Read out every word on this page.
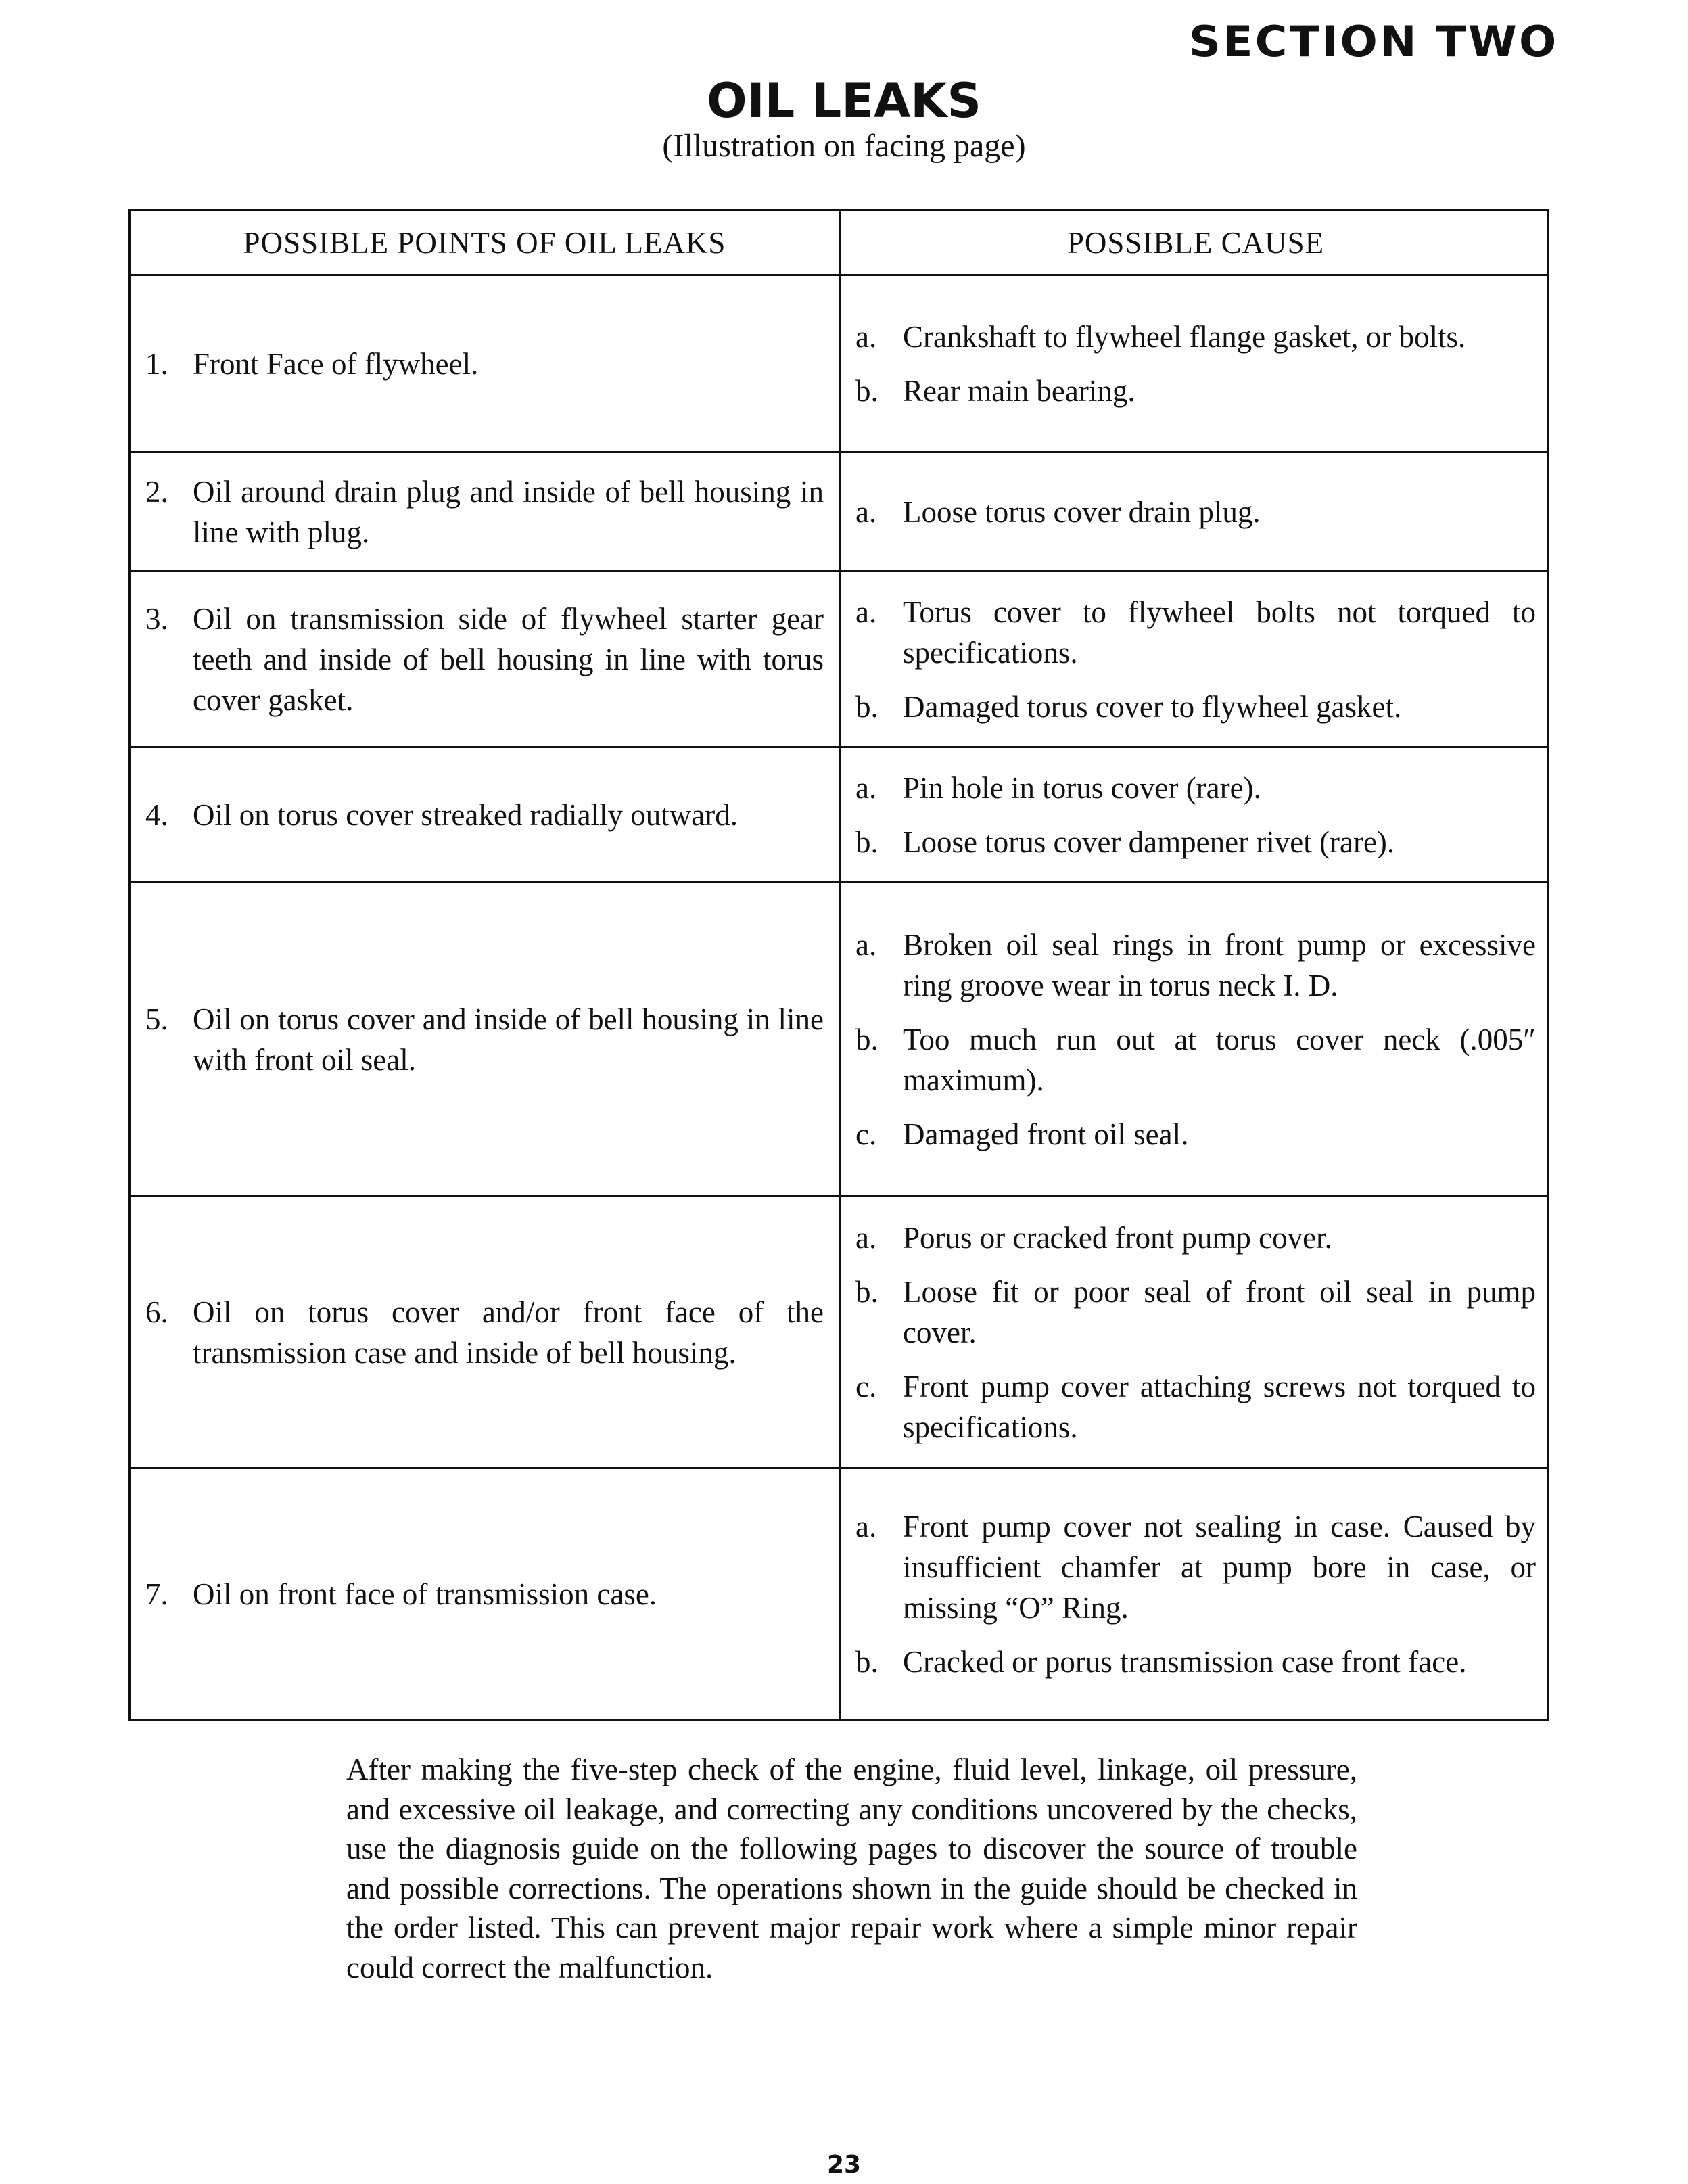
SECTION TWO
OIL LEAKS
(Illustration on facing page)
POSSIBLE POINTS OF OIL LEAKS	POSSIBLE CAUSE
1. Front Face of flywheel.
a. Crankshaft to flywheel flange gasket, or bolts.
b. Rear main bearing.
2. Oil around drain plug and inside of bell housing in line with plug.
a. Loose torus cover drain plug.
3. Oil on transmission side of flywheel starter gear teeth and inside of bell housing in line with torus cover gasket.
a. Torus cover to flywheel bolts not torqued to specifications.
b. Damaged torus cover to flywheel gasket.
4. Oil on torus cover streaked radially outward.
a. Pin hole in torus cover (rare).
b. Loose torus cover dampener rivet (rare).
5. Oil on torus cover and inside of bell housing in line with front oil seal.
a. Broken oil seal rings in front pump or excessive ring groove wear in torus neck I. D.
b. Too much run out at torus cover neck (.005″ maximum).
c. Damaged front oil seal.
6. Oil on torus cover and/or front face of the transmission case and inside of bell housing.
a. Porus or cracked front pump cover.
b. Loose fit or poor seal of front oil seal in pump cover.
c. Front pump cover attaching screws not torqued to specifications.
7. Oil on front face of transmission case.
a. Front pump cover not sealing in case. Caused by insufficient chamfer at pump bore in case, or missing “O” Ring.
b. Cracked or porus transmission case front face.
After making the five-step check of the engine, fluid level, linkage, oil pressure, and excessive oil leakage, and correcting any conditions uncovered by the checks, use the diagnosis guide on the following pages to discover the source of trouble and possible corrections. The operations shown in the guide should be checked in the order listed. This can prevent major repair work where a simple minor repair could correct the malfunction.
23
